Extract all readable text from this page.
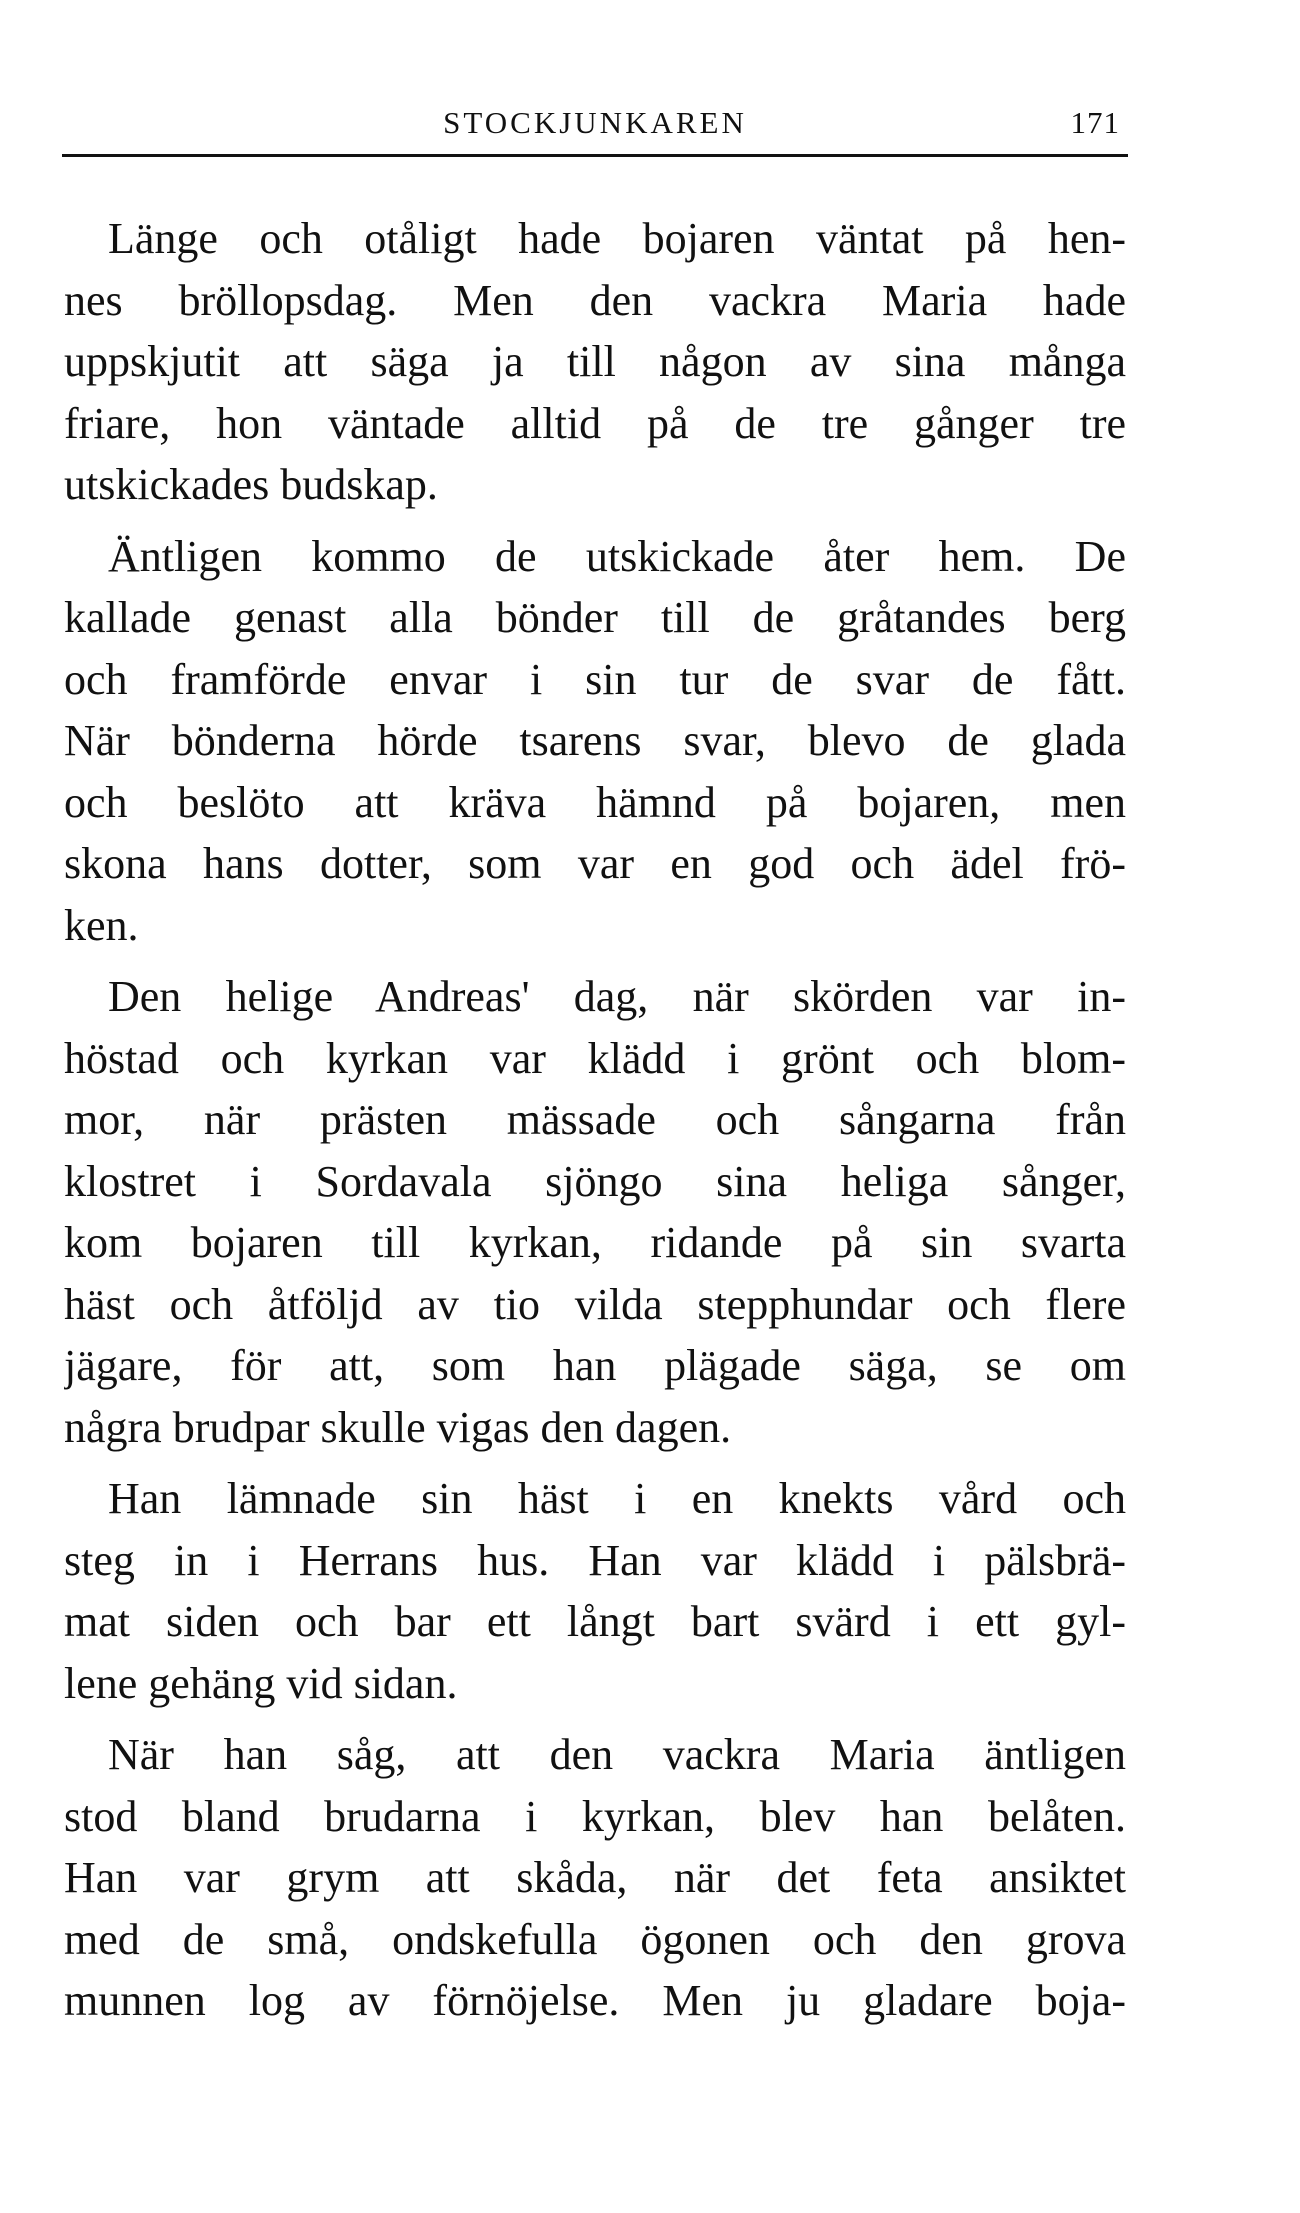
STOCKJUNKAREN	171

Länge och otåligt hade bojaren väntat på hen-
nes bröllopsdag. Men den vackra Maria hade
uppskjutit att säga ja till någon av sina många
friare, hon väntade alltid på de tre gånger tre
utskickades budskap.

Äntligen kommo de utskickade åter hem. De
kallade genast alla bönder till de gråtandes berg
och framförde envar i sin tur de svar de fått.
När bönderna hörde tsarens svar, blevo de glada
och beslöto att kräva hämnd på bojaren, men
skona hans dotter, som var en god och ädel frö-
ken.

Den helige Andreas' dag, när skörden var in-
höstad och kyrkan var klädd i grönt och blom-
mor, när prästen mässade och sångarna från
klostret i Sordavala sjöngo sina heliga sånger,
kom bojaren till kyrkan, ridande på sin svarta
häst och åtföljd av tio vilda stepphundar och flere
jägare, för att, som han plägade säga, se om
några brudpar skulle vigas den dagen.

Han lämnade sin häst i en knekts vård och
steg in i Herrans hus. Han var klädd i pälsbrä-
mat siden och bar ett långt bart svärd i ett gyl-
lene gehäng vid sidan.

När han såg, att den vackra Maria äntligen
stod bland brudarna i kyrkan, blev han belåten.
Han var grym att skåda, när det feta ansiktet
med de små, ondskefulla ögonen och den grova
munnen log av förnöjelse. Men ju gladare boja-
